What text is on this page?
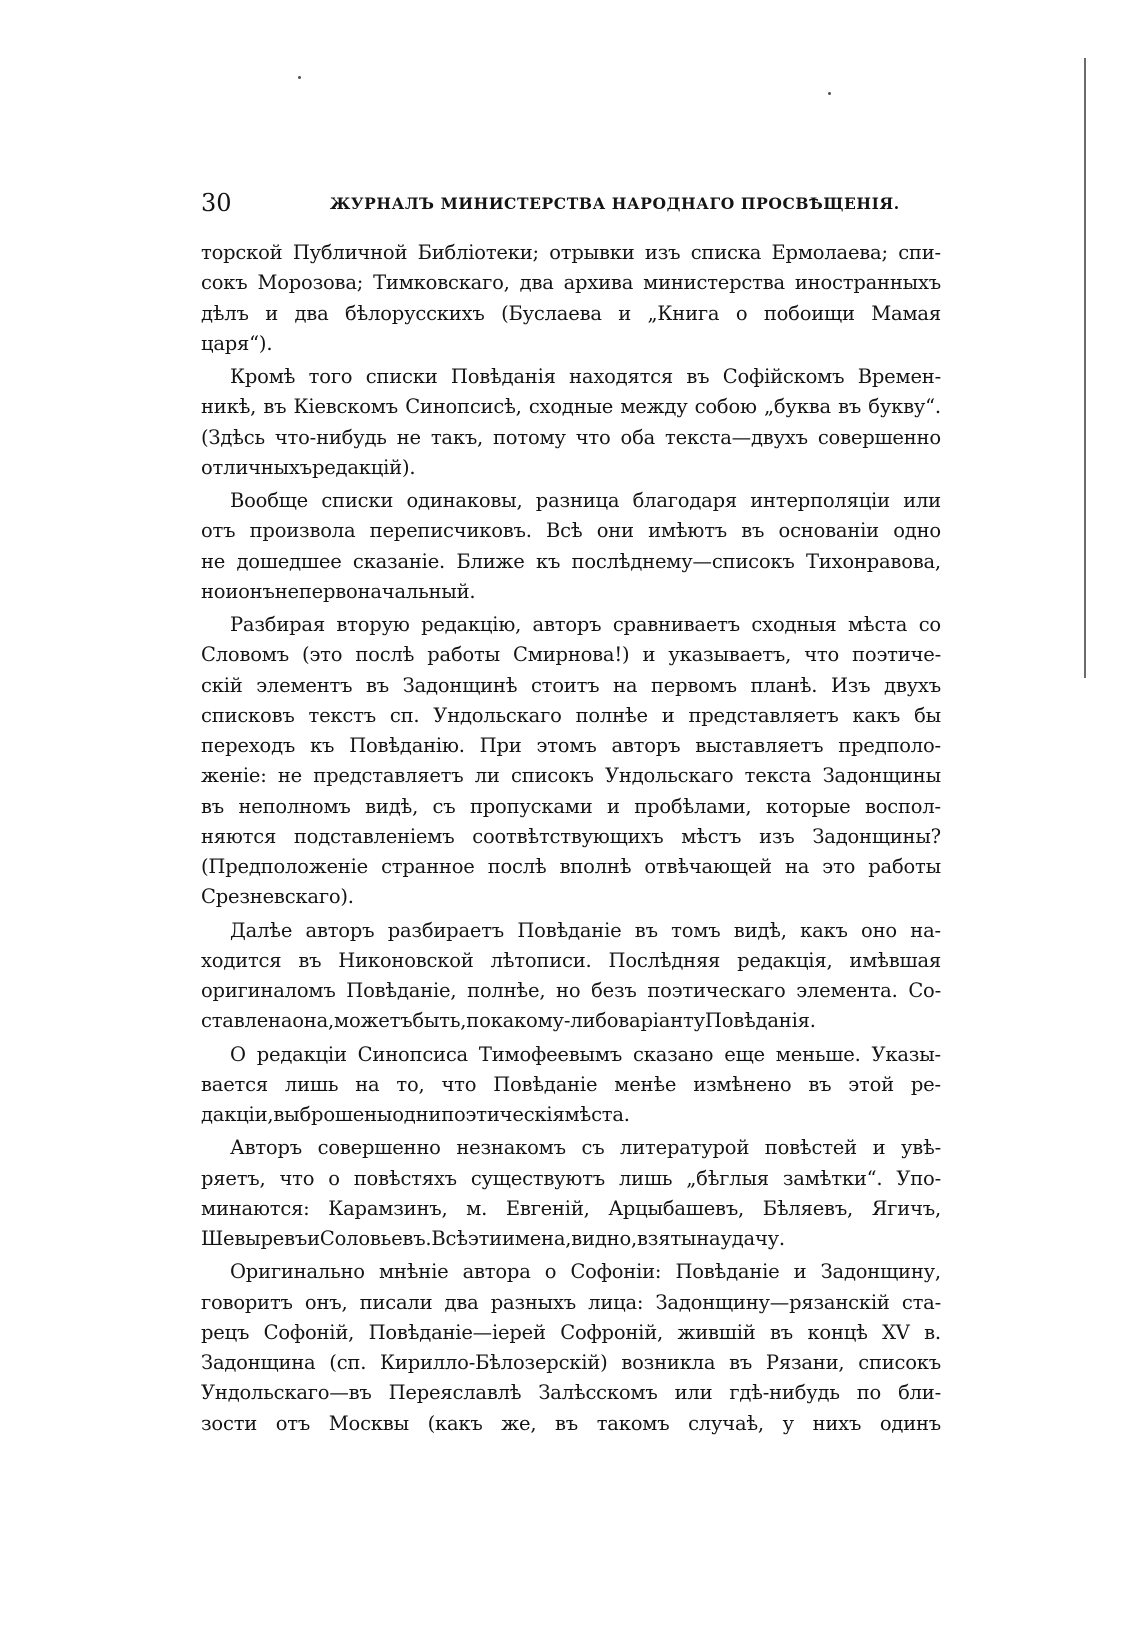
30	ЖУРНАЛЪ МИНИСТЕРСТВА НАРОДНАГО ПРОСВѢЩЕНІЯ.
торской Публичной Библіотеки; отрывки изъ списка Ермолаева; спи-
сокъ Морозова; Тимковскаго, два архива министерства иностранныхъ
дѣлъ и два бѣлорусскихъ (Буслаева и „Книга о побоищи Мамая
царя“).
Кромѣ того списки Повѣданія находятся въ Софійскомъ Времен-
никѣ, въ Кіевскомъ Синопсисѣ, сходные между собою „буква въ букву“.
(Здѣсь что-нибудь не такъ, потому что оба текста—двухъ совершенно
отличныхъ редакцій).
Вообще списки одинаковы, разница благодаря интерполяціи или
отъ произвола переписчиковъ. Всѣ они имѣютъ въ основаніи одно
не дошедшее сказаніе. Ближе къ послѣднему—списокъ Тихонравова,
но и онъ не первоначальный.
Разбирая вторую редакцію, авторъ сравниваетъ сходныя мѣста со
Словомъ (это послѣ работы Смирнова!) и указываетъ, что поэтиче-
скій элементъ въ Задонщинѣ стоитъ на первомъ планѣ. Изъ двухъ
списковъ текстъ сп. Ундольскаго полнѣе и представляетъ какъ бы
переходъ къ Повѣданію. При этомъ авторъ выставляетъ предполо-
женіе: не представляетъ ли списокъ Ундольскаго текста Задонщины
въ неполномъ видѣ, съ пропусками и пробѣлами, которые воспол-
няются подставленіемъ соотвѣтствующихъ мѣстъ изъ Задонщины?
(Предположеніе странное послѣ вполнѣ отвѣчающей на это работы
Срезневскаго).
Далѣе авторъ разбираетъ Повѣданіе въ томъ видѣ, какъ оно на-
ходится въ Никоновской лѣтописи. Послѣдняя редакція, имѣвшая
оригиналомъ Повѣданіе, полнѣе, но безъ поэтическаго элемента. Со-
ставлена она, можетъ быть, по какому-либо варіанту Повѣданія.
О редакціи Синопсиса Тимофеевымъ сказано еще меньше. Указы-
вается лишь на то, что Повѣданіе менѣе измѣнено въ этой ре-
дакціи, выброшены одни поэтическія мѣста.
Авторъ совершенно незнакомъ съ литературой повѣстей и увѣ-
ряетъ, что о повѣстяхъ существуютъ лишь „бѣглыя замѣтки“. Упо-
минаются: Карамзинъ, м. Евгеній, Арцыбашевъ, Бѣляевъ, Ягичъ,
Шевыревъ и Соловьевъ. Всѣ эти имена, видно, взяты наудачу.
Оригинально мнѣніе автора о Софоніи: Повѣданіе и Задонщину,
говоритъ онъ, писали два разныхъ лица: Задонщину—рязанскій ста-
рецъ Софоній, Повѣданіе—іерей Софроній, жившій въ концѣ XV в.
Задонщина (сп. Кирилло-Бѣлозерскій) возникла въ Рязани, списокъ
Ундольскаго—въ Переяславлѣ Залѣсскомъ или гдѣ-нибудь по бли-
зости отъ Москвы (какъ же, въ такомъ случаѣ, у нихъ одинъ
